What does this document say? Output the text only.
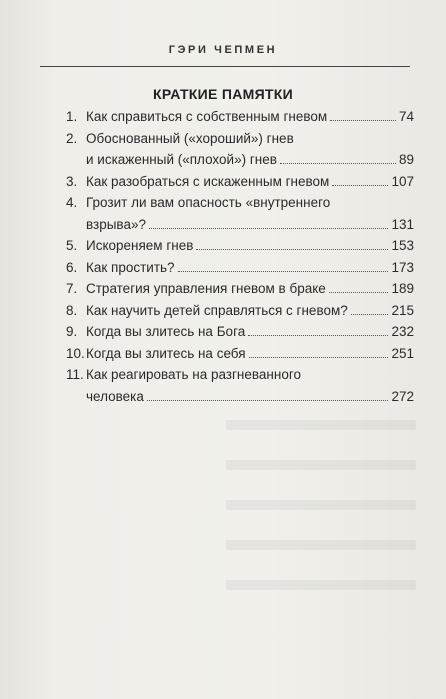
ГЭРИ ЧЕПМЕН
КРАТКИЕ ПАМЯТКИ
1. Как справиться с собственным гневом	74
2. Обоснованный («хороший») гнев
и искаженный («плохой») гнев	89
3. Как разобраться с искаженным гневом	107
4. Грозит ли вам опасность «внутреннего
взрыва»?	131
5. Искореняем гнев	153
6. Как простить?	173
7. Стратегия управления гневом в браке	189
8. Как научить детей справляться с гневом?	215
9. Когда вы злитесь на Бога	232
10. Когда вы злитесь на себя	251
11. Как реагировать на разгневанного
человека	272
